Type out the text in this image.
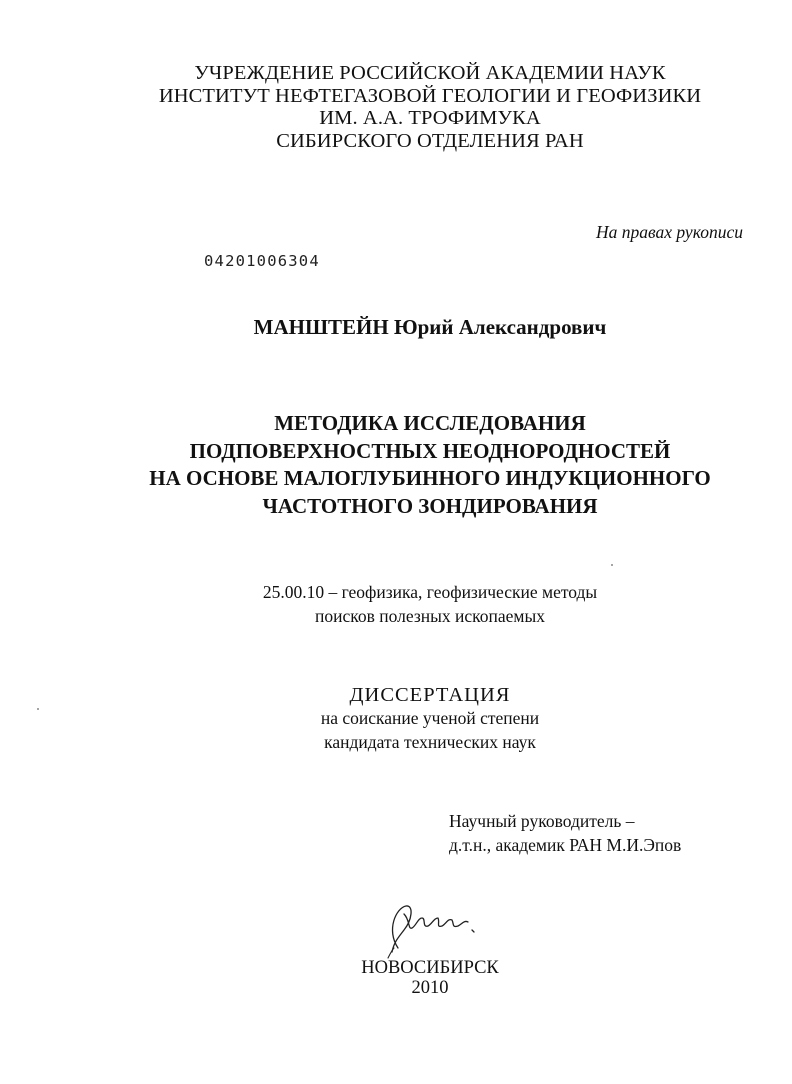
УЧРЕЖДЕНИЕ РОССИЙСКОЙ АКАДЕМИИ НАУК
ИНСТИТУТ НЕФТЕГАЗОВОЙ ГЕОЛОГИИ И ГЕОФИЗИКИ
ИМ. А.А. ТРОФИМУКА
СИБИРСКОГО ОТДЕЛЕНИЯ РАН
На правах рукописи
04201006304
МАНШТЕЙН Юрий Александрович
МЕТОДИКА ИССЛЕДОВАНИЯ
ПОДПОВЕРХНОСТНЫХ НЕОДНОРОДНОСТЕЙ
НА ОСНОВЕ МАЛОГЛУБИННОГО ИНДУКЦИОННОГО
ЧАСТОТНОГО ЗОНДИРОВАНИЯ
25.00.10 – геофизика, геофизические методы
поисков полезных ископаемых
ДИССЕРТАЦИЯ
на соискание ученой степени
кандидата технических наук
Научный руководитель –
д.т.н., академик РАН М.И.Эпов
НОВОСИБИРСК
2010
